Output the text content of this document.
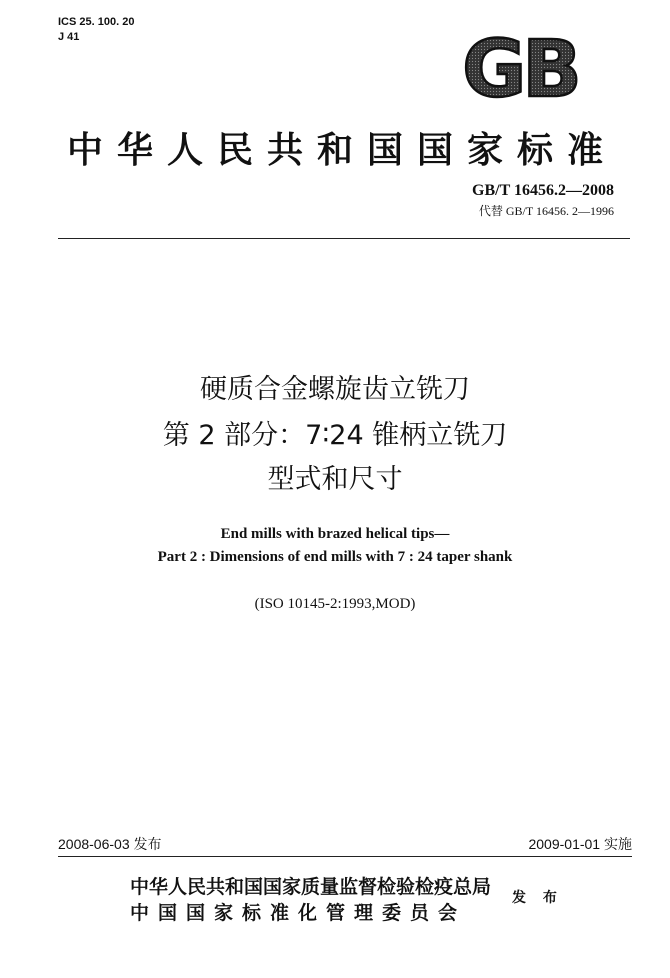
ICS 25. 100. 20
J 41	GB
中华人民共和国国家标准
GB/T 16456.2—2008
代替 GB/T 16456. 2—1996
硬质合金螺旋齿立铣刀
第 2 部分：7∶24 锥柄立铣刀
型式和尺寸
End mills with brazed helical tips—
Part 2 : Dimensions of end mills with 7 : 24 taper shank
(ISO 10145-2:1993,MOD)
2008-06-03 发布	2009-01-01 实施
中华人民共和国国家质量监督检验检疫总局
中国国家标准化管理委员会
发 布
